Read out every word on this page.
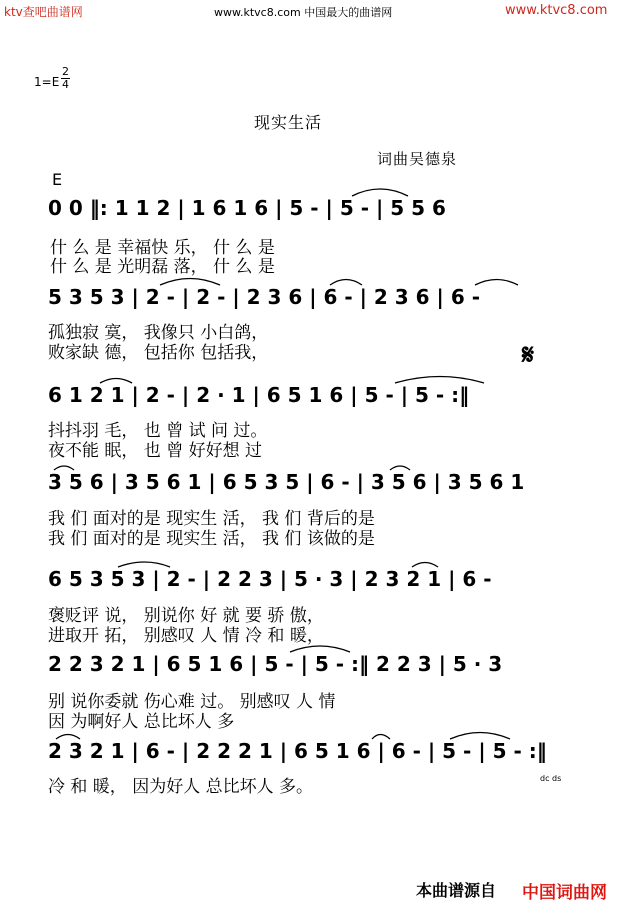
ktv查吧曲谱网	www.ktvc8.com 中国最大的曲谱网	www.ktvc8.com
1=E
2
4
现实生活
词曲吴德泉
E
0 0 ‖: 1 1 2 | 1 6 1 6 | 5 - | 5 - | 5 5 6
什 么 是 幸福快 乐， 什 么 是
什 么 是 光明磊 落， 什 么 是
5 3 5 3 | 2 - | 2 - | 2 3 6 | 6 - | 2 3 6 | 6 -
孤独寂 寞， 我像只 小白鸽，
败家缺 德， 包括你 包括我，	𝄋
6 1 2 1 | 2 - | 2 · 1 | 6 5 1 6 | 5 - | 5 - :‖
抖抖羽 毛， 也 曾 试 问 过。
夜不能 眠， 也 曾 好好想 过
3 5 6 | 3 5 6 1 | 6 5 3 5 | 6 - | 3 5 6 | 3 5 6 1
我 们 面对的是 现实生 活， 我 们 背后的是
我 们 面对的是 现实生 活， 我 们 该做的是
6 5 3 5 3 | 2 - | 2 2 3 | 5 · 3 | 2 3 2 1 | 6 -
褒贬评 说， 别说你 好 就 要 骄 傲，
进取开 拓， 别感叹 人 情 冷 和 暖，
2 2 3 2 1 | 6 5 1 6 | 5 - | 5 - :‖ 2 2 3 | 5 · 3
别 说你委就 伤心难 过。 别感叹 人 情
因 为啊好人 总比坏人 多
2 3 2 1 | 6 - | 2 2 2 1 | 6 5 1 6 | 6 - | 5 - | 5 - :‖
冷 和 暖， 因为好人 总比坏人 多。	dc ds
本曲谱源自 中国词曲网
